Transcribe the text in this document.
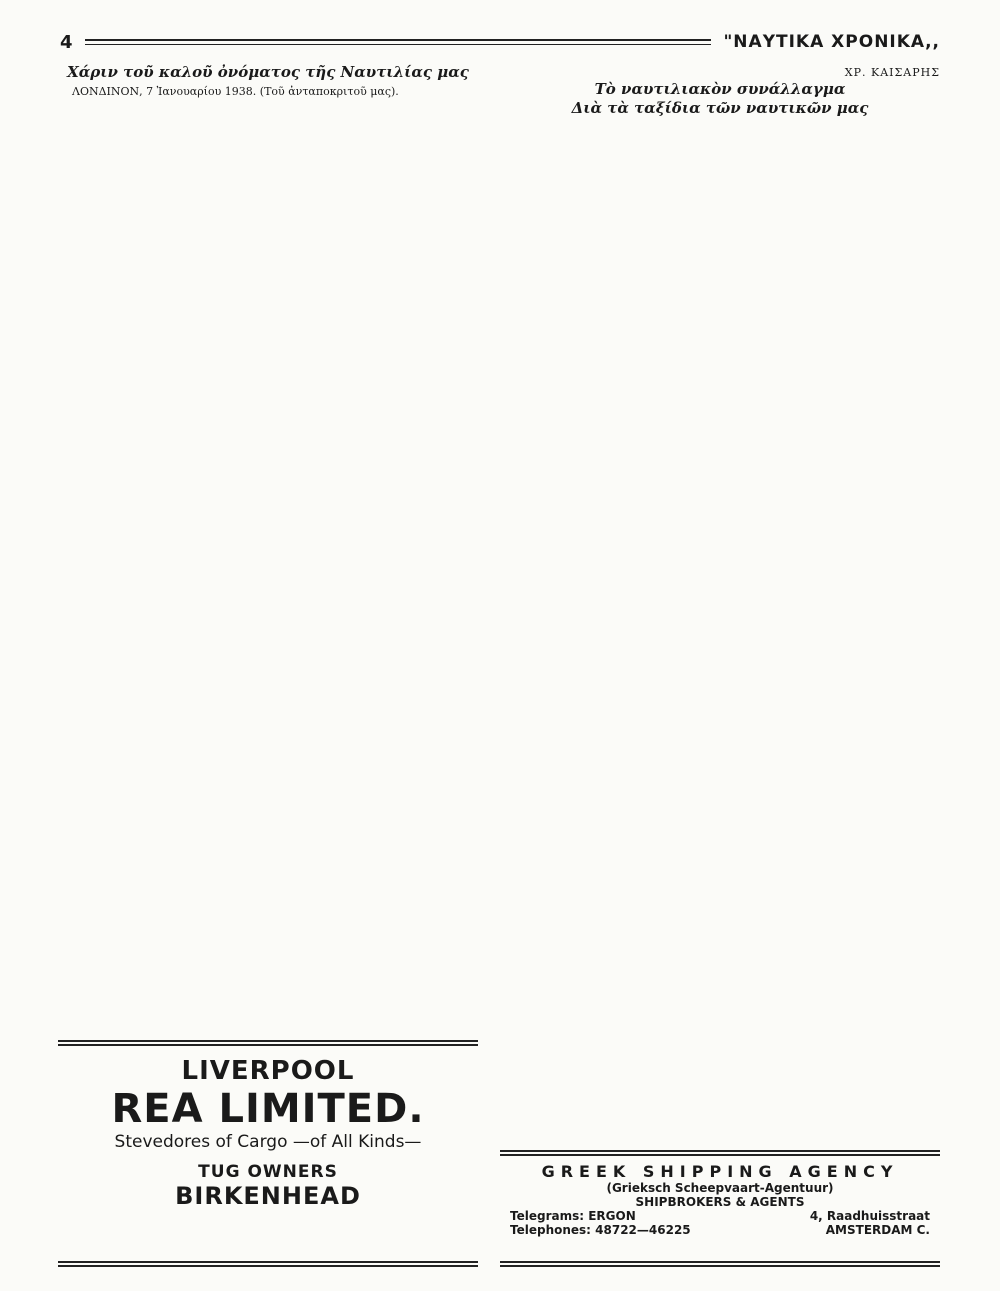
4	"ΝΑΥΤΙΚΑ ΧΡΟΝΙΚΑ,,
Χάριν τοῦ καλοῦ ὀνόματος τῆς Ναυτιλίας μας

ΛΟΝΔΙΝΟΝ, 7 Ἰανουαρίου 1938. (Τοῦ ἀνταποκριτοῦ μας).

ΧΡ. ΚΑΙΣΑΡΗΣ

Τὸ ναυτιλιακὸν συνάλλαγμα
Διὰ τὰ ταξίδια τῶν ναυτικῶν μας
LIVERPOOL
REA LIMITED.
Stevedores of Cargo —of All Kinds—
TUG OWNERS
BIRKENHEAD
GREEK SHIPPING AGENCY
(Grieksch Scheepvaart-Agentuur)
SHIPBROKERS & AGENTS
Telegrams: ERGON	4, Raadhuisstraat
Telephones: 48722—46225	AMSTERDAM C.
